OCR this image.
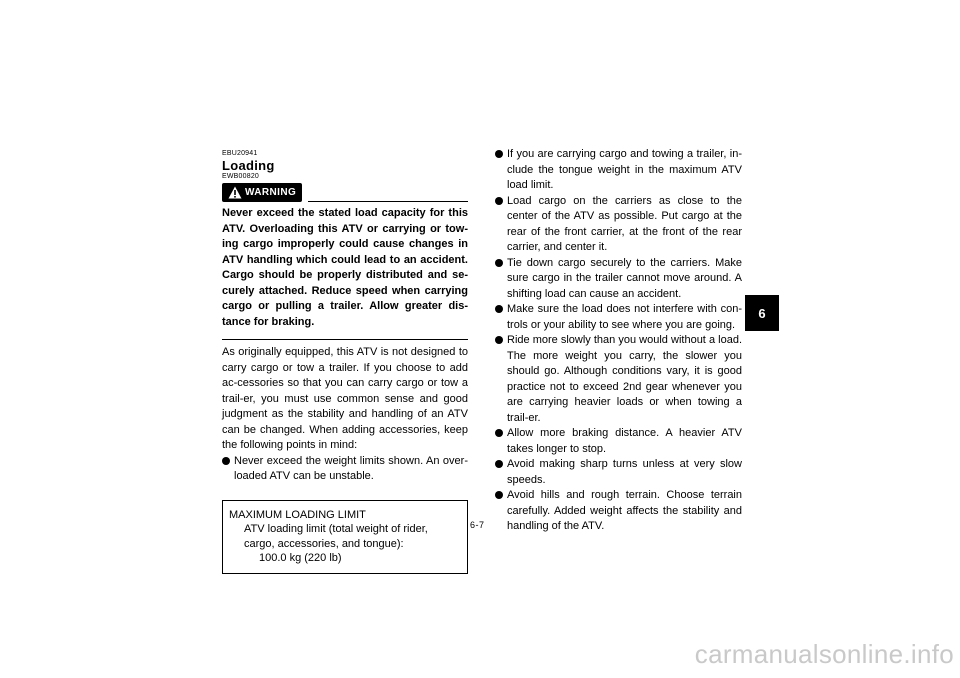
EBU20941
Loading
EWB00820
WARNING
Never exceed the stated load capacity for this ATV. Overloading this ATV or carrying or tow-ing cargo improperly could cause changes in ATV handling which could lead to an accident. Cargo should be properly distributed and se-curely attached. Reduce speed when carrying cargo or pulling a trailer. Allow greater dis-tance for braking.
As originally equipped, this ATV is not designed to carry cargo or tow a trailer. If you choose to add ac-cessories so that you can carry cargo or tow a trail-er, you must use common sense and good judgment as the stability and handling of an ATV can be changed. When adding accessories, keep the following points in mind:
Never exceed the weight limits shown. An over-loaded ATV can be unstable.
MAXIMUM LOADING LIMIT
ATV loading limit (total weight of rider, cargo, accessories, and tongue):
100.0 kg (220 lb)
If you are carrying cargo and towing a trailer, in-clude the tongue weight in the maximum ATV load limit.
Load cargo on the carriers as close to the center of the ATV as possible. Put cargo at the rear of the front carrier, at the front of the rear carrier, and center it.
Tie down cargo securely to the carriers. Make sure cargo in the trailer cannot move around. A shifting load can cause an accident.
Make sure the load does not interfere with con-trols or your ability to see where you are going.
Ride more slowly than you would without a load. The more weight you carry, the slower you should go. Although conditions vary, it is good practice not to exceed 2nd gear whenever you are carrying heavier loads or when towing a trail-er.
Allow more braking distance. A heavier ATV takes longer to stop.
Avoid making sharp turns unless at very slow speeds.
Avoid hills and rough terrain. Choose terrain carefully. Added weight affects the stability and handling of the ATV.
6-7
6
carmanualsonline.info
